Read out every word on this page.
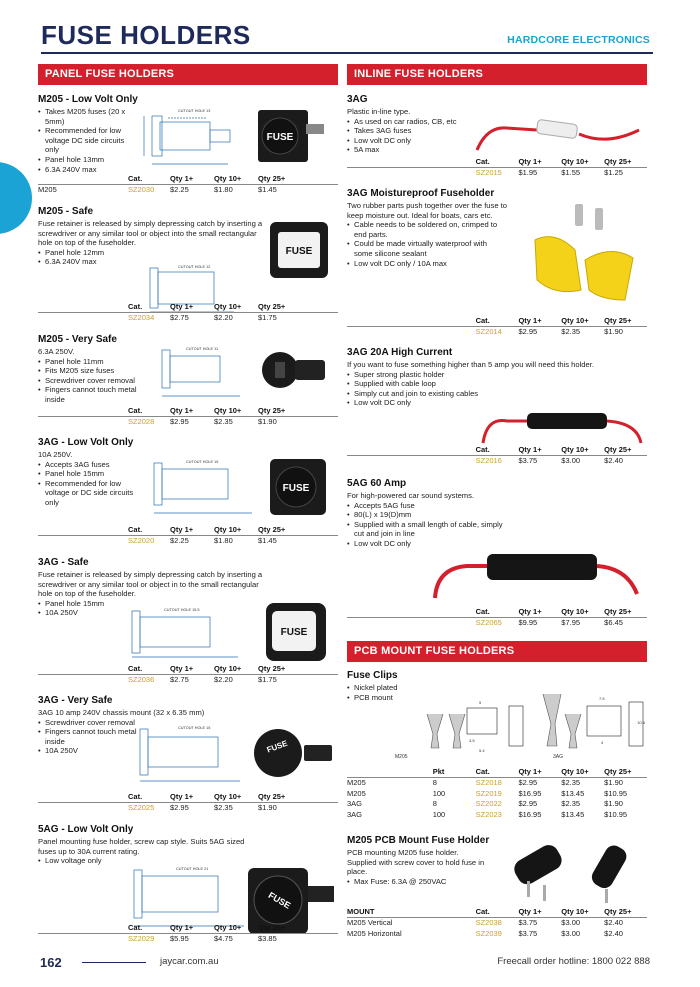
FUSE HOLDERS	HARDCORE ELECTRONICS
PANEL FUSE HOLDERS
M205 - Low Volt Only
• Takes M205 fuses (20 x 5mm)
• Recommended for low voltage DC side circuits only
• Panel hole 13mm
• 6.3A 240V max
CUTOUT HOLE 13
FUSE
Cat.	Qty 1+	Qty 10+	Qty 25+
M205	SZ2030	$2.25	$1.80	$1.45
M205 - Safe
Fuse retainer is released by simply depressing catch by inserting a screwdriver or any similar tool or object into the small rectangular hole on top of the fuseholder.
• Panel hole 12mm
• 6.3A 240V max
CUTOUT HOLE 12
FUSE
Cat.	Qty 1+	Qty 10+	Qty 25+
SZ2034	$2.75	$2.20	$1.75
M205 - Very Safe
6.3A 250V.
• Panel hole 11mm
• Fits M205 size fuses
• Screwdriver cover removal
• Fingers cannot touch metal inside
CUTOUT HOLE 11
Cat.	Qty 1+	Qty 10+	Qty 25+
SZ2028	$2.95	$2.35	$1.90
3AG - Low Volt Only
10A 250V.
• Accepts 3AG fuses
• Panel hole 15mm
• Recommended for low voltage or DC side circuits only
CUTOUT HOLE 15
FUSE
Cat.	Qty 1+	Qty 10+	Qty 25+
SZ2020	$2.25	$1.80	$1.45
3AG - Safe
Fuse retainer is released by simply depressing catch by inserting a screwdriver or any similar tool or object in to the small rectangular hole on top of the fuseholder.
• Panel hole 15mm
• 10A 250V	CUTOUT HOLE 15.5
FUSE
Cat.	Qty 1+	Qty 10+	Qty 25+
SZ2036	$2.75	$2.20	$1.75
3AG - Very Safe
3AG 10 amp 240V chassis mount (32 x 6.35 mm)
• Screwdriver cover removal
• Fingers cannot touch metal inside
• 10A 250V
CUTOUT HOLE 15
FUSE
Cat.	Qty 1+	Qty 10+	Qty 25+
SZ2025	$2.95	$2.35	$1.90
5AG - Low Volt Only
Panel mounting fuse holder, screw cap style. Suits 5AG sized fuses up to 30A current rating.
• Low voltage only
CUTOUT HOLE 21
FUSE
Cat.	Qty 1+	Qty 10+	Qty 25+
SZ2029	$5.95	$4.75	$3.85
INLINE FUSE HOLDERS
3AG
Plastic in-line type.
• As used on car radios, CB, etc
• Takes 3AG fuses
• Low volt DC only
• 5A max
Cat.	Qty 1+	Qty 10+	Qty 25+
SZ2015	$1.95	$1.55	$1.25
3AG Moistureproof Fuseholder
Two rubber parts push together over the fuse to keep moisture out. Ideal for boats, cars etc.
• Cable needs to be soldered on, crimped to end parts.
• Could be made virtually waterproof with some silicone sealant
• Low volt DC only / 10A max
Cat.	Qty 1+	Qty 10+	Qty 25+
SZ2014	$2.95	$2.35	$1.90
3AG 20A High Current
If you want to fuse something higher than 5 amp you will need this holder.
• Super strong plastic holder
• Supplied with cable loop
• Simply cut and join to existing cables
• Low volt DC only
Cat.	Qty 1+	Qty 10+	Qty 25+
SZ2016	$3.75	$3.00	$2.40
5AG 60 Amp
For high-powered car sound systems.
• Accepts 5AG fuse
• 80(L) x 19(D)mm
• Supplied with a small length of cable, simply cut and join in line
• Low volt DC only
Cat.	Qty 1+	Qty 10+	Qty 25+
SZ2065	$9.95	$7.95	$6.45
PCB MOUNT FUSE HOLDERS
Fuse Clips
• Nickel plated
• PCB mount
M205	3AG
5
7.5
3.5
5.4
4
10.6
Pkt	Cat.	Qty 1+	Qty 10+	Qty 25+
M205	8	SZ2018	$2.95	$2.35	$1.90
M205	100	SZ2019	$16.95	$13.45	$10.95
3AG	8	SZ2022	$2.95	$2.35	$1.90
3AG	100	SZ2023	$16.95	$13.45	$10.95
M205 PCB Mount Fuse Holder
PCB mounting M205 fuse holder. Supplied with screw cover to hold fuse in place.
• Max Fuse: 6.3A @ 250VAC
MOUNT	Cat.	Qty 1+	Qty 10+	Qty 25+
M205 Vertical	SZ2038	$3.75	$3.00	$2.40
M205 Horizontal	SZ2039	$3.75	$3.00	$2.40
162	jaycar.com.au	Freecall order hotline: 1800 022 888
